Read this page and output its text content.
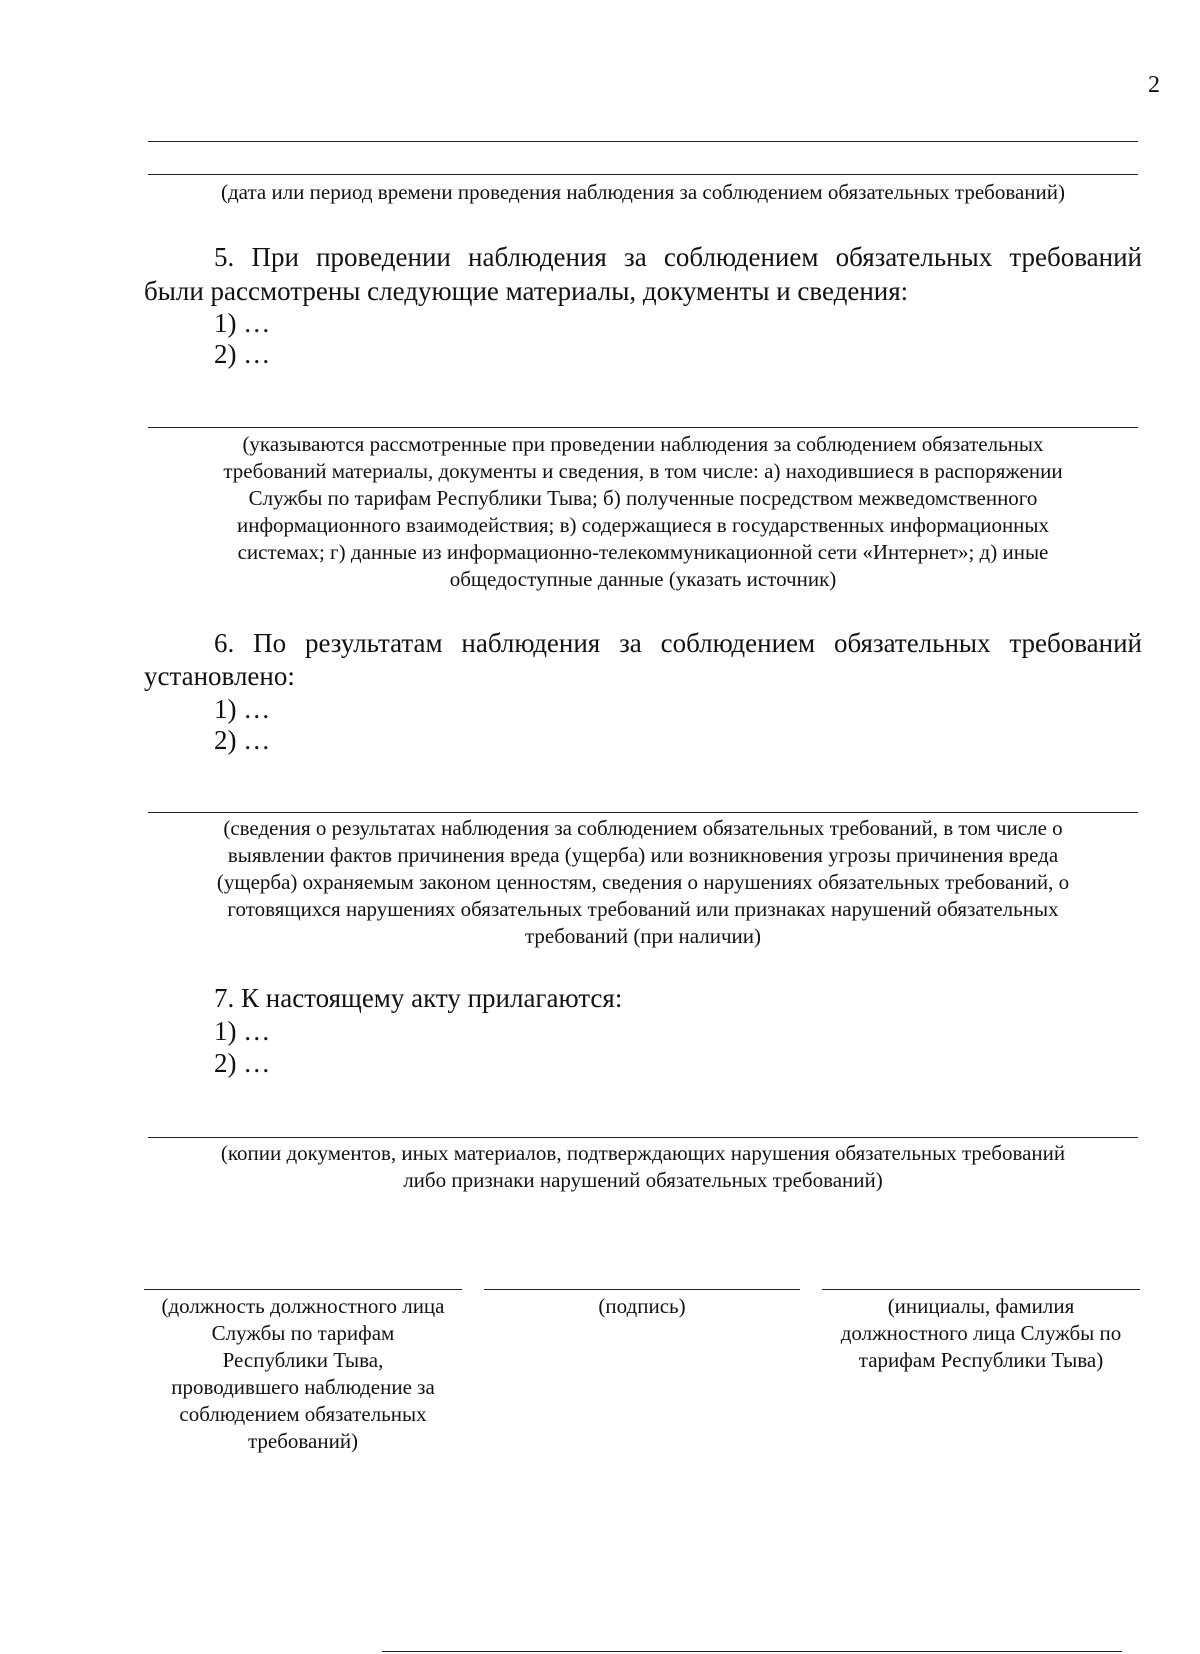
2
(дата или период времени проведения наблюдения за соблюдением обязательных требований)
5. При проведении наблюдения за соблюдением обязательных требований
были рассмотрены следующие материалы, документы и сведения:
1) …
2) …
(указываются рассмотренные при проведении наблюдения за соблюдением обязательных
требований материалы, документы и сведения, в том числе: а) находившиеся в распоряжении
Службы по тарифам Республики Тыва; б) полученные посредством межведомственного
информационного взаимодействия; в) содержащиеся в государственных информационных
системах; г) данные из информационно-телекоммуникационной сети «Интернет»; д) иные
общедоступные данные (указать источник)
6. По результатам наблюдения за соблюдением обязательных требований
установлено:
1) …
2) …
(сведения о результатах наблюдения за соблюдением обязательных требований, в том числе о
выявлении фактов причинения вреда (ущерба) или возникновения угрозы причинения вреда
(ущерба) охраняемым законом ценностям, сведения о нарушениях обязательных требований, о
готовящихся нарушениях обязательных требований или признаках нарушений обязательных
требований (при наличии)
7. К настоящему акту прилагаются:
1) …
2) …
(копии документов, иных материалов, подтверждающих нарушения обязательных требований
либо признаки нарушений обязательных требований)
(должность должностного лица
Службы по тарифам
Республики Тыва,
проводившего наблюдение за
соблюдением обязательных
требований)
(подпись)	(инициалы, фамилия
должностного лица Службы по
тарифам Республики Тыва)
